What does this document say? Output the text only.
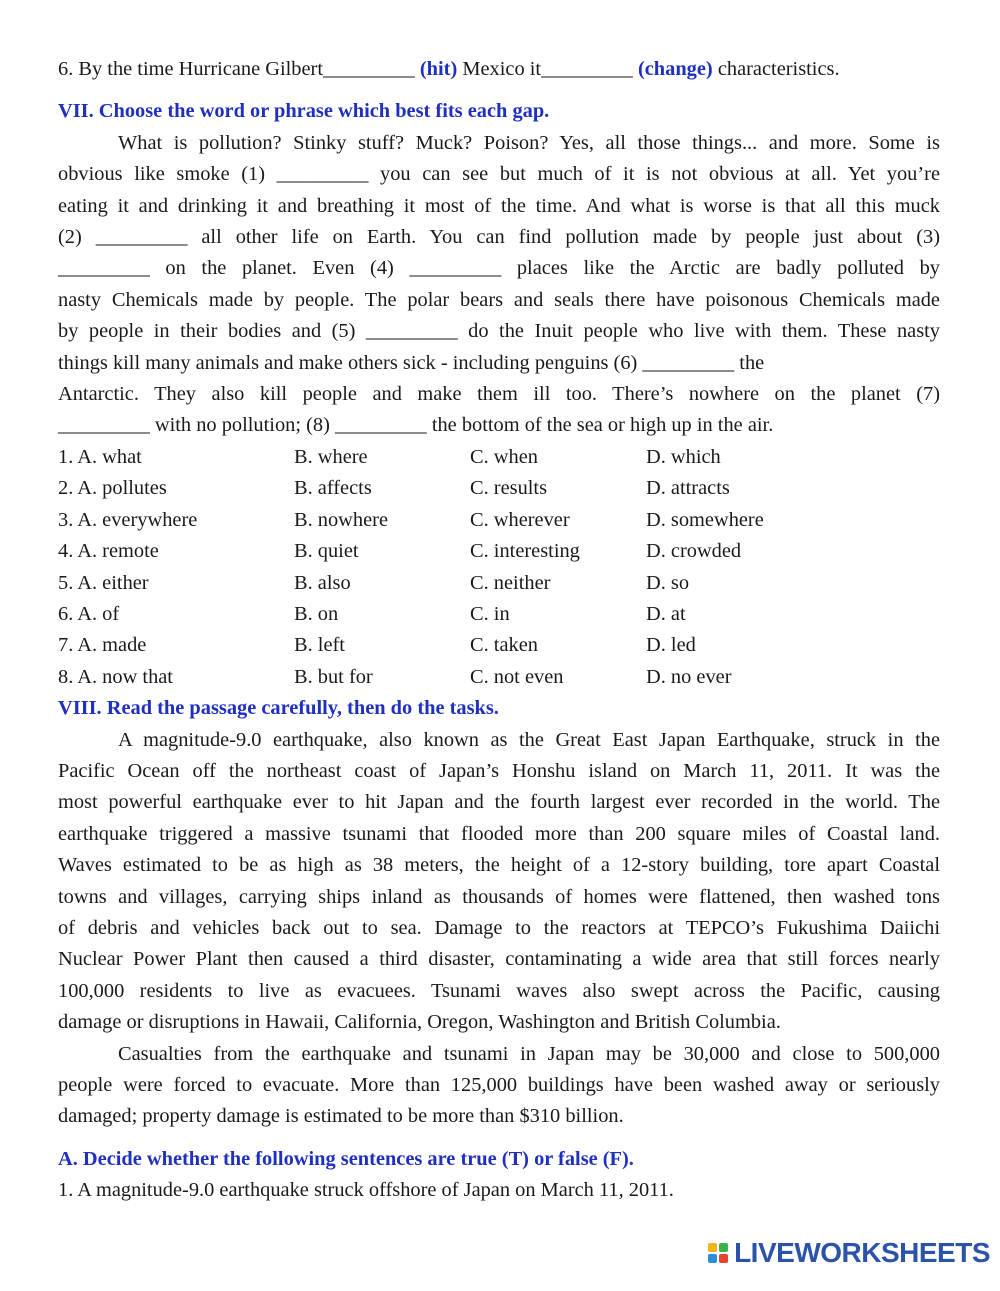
6. By the time Hurricane Gilbert_________ (hit) Mexico it_________ (change) characteristics.
VII. Choose the word or phrase which best fits each gap.
What is pollution? Stinky stuff? Muck? Poison? Yes, all those things... and more. Some is
obvious like smoke (1) _________ you can see but much of it is not obvious at all. Yet you’re
eating it and drinking it and breathing it most of the time. And what is worse is that all this muck
(2) _________ all other life on Earth. You can find pollution made by people just about (3)
_________ on the planet. Even (4) _________ places like the Arctic are badly polluted by
nasty Chemicals made by people. The polar bears and seals there have poisonous Chemicals made
by people in their bodies and (5) _________ do the Inuit people who live with them. These nasty
things kill many animals and make others sick - including penguins (6) _________ the
Antarctic. They also kill people and make them ill too. There’s nowhere on the planet (7)
_________ with no pollution; (8) _________ the bottom of the sea or high up in the air.
1. A. what	B. where	C. when	D. which
2. A. pollutes	B. affects	C. results	D. attracts
3. A. everywhere	B. nowhere	C. wherever	D. somewhere
4. A. remote	B. quiet	C. interesting	D. crowded
5. A. either	B. also	C. neither	D. so
6. A. of	B. on	C. in	D. at
7. A. made	B. left	C. taken	D. led
8. A. now that	B. but for	C. not even	D. no ever
VIII. Read the passage carefully, then do the tasks.
A magnitude-9.0 earthquake, also known as the Great East Japan Earthquake, struck in the
Pacific Ocean off the northeast coast of Japan’s Honshu island on March 11, 2011. It was the
most powerful earthquake ever to hit Japan and the fourth largest ever recorded in the world. The
earthquake triggered a massive tsunami that flooded more than 200 square miles of Coastal land.
Waves estimated to be as high as 38 meters, the height of a 12-story building, tore apart Coastal
towns and villages, carrying ships inland as thousands of homes were flattened, then washed tons
of debris and vehicles back out to sea. Damage to the reactors at TEPCO’s Fukushima Daiichi
Nuclear Power Plant then caused a third disaster, contaminating a wide area that still forces nearly
100,000 residents to live as evacuees. Tsunami waves also swept across the Pacific, causing
damage or disruptions in Hawaii, California, Oregon, Washington and British Columbia.
Casualties from the earthquake and tsunami in Japan may be 30,000 and close to 500,000
people were forced to evacuate. More than 125,000 buildings have been washed away or seriously
damaged; property damage is estimated to be more than $310 billion.
A. Decide whether the following sentences are true (T) or false (F).
1. A magnitude-9.0 earthquake struck offshore of Japan on March 11, 2011.
LIVEWORKSHEETS
